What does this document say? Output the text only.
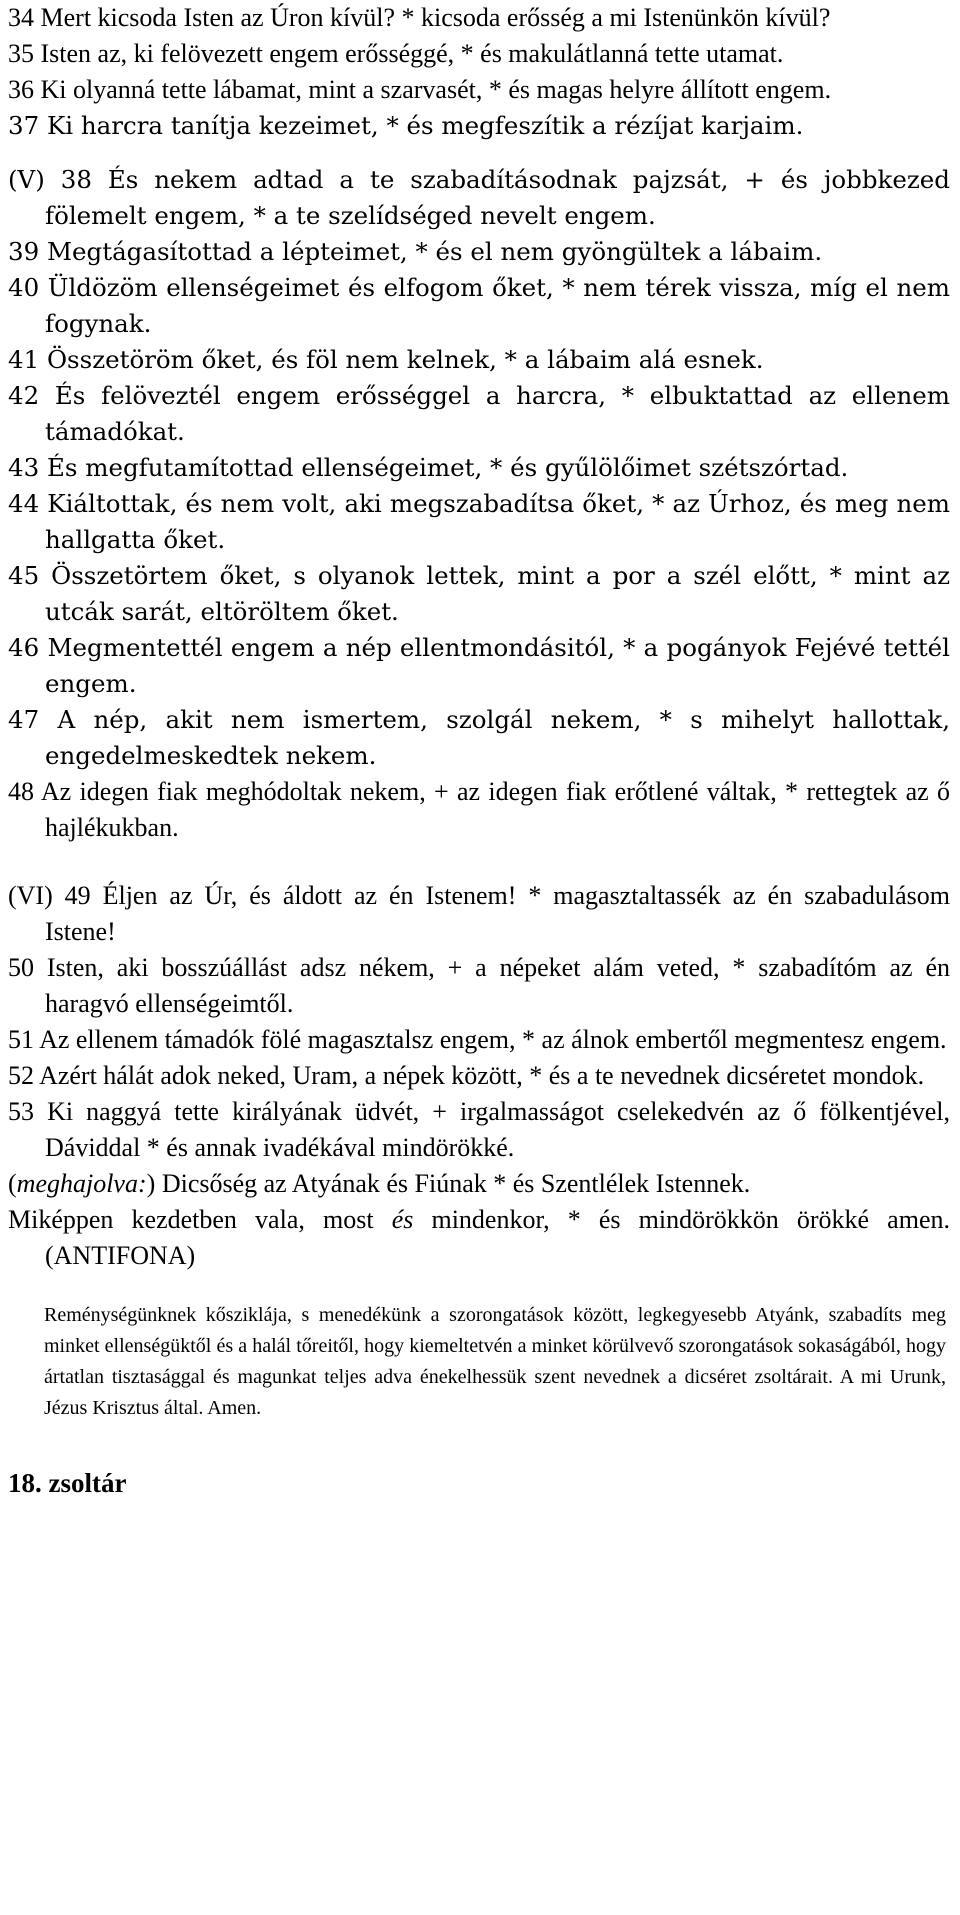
34 Mert kicsoda Isten az Úron kívül? * kicsoda erősség a mi Istenünkön kívül?

35 Isten az, ki felövezett engem erősséggé, * és makulátlanná tette utamat.

36 Ki olyanná tette lábamat, mint a szarvasét, * és magas helyre állított engem.

37 Ki harcra tanítja kezeimet, * és megfeszítik a rézíjat karjaim.

(V) 38 És nekem adtad a te szabadításodnak pajzsát, + és jobbkezed fölemelt engem, * a te szelídséged nevelt engem.

39 Megtágasítottad a lépteimet, * és el nem gyöngültek a lábaim.

40 Üldözöm ellenségeimet és elfogom őket, * nem térek vissza, míg el nem fogynak.

41 Összetöröm őket, és föl nem kelnek, * a lábaim alá esnek.

42 És felöveztél engem erősséggel a harcra, * elbuktattad az ellenem támadókat.

43 És megfutamítottad ellenségeimet, * és gyűlölőimet szétszórtad.

44 Kiáltottak, és nem volt, aki megszabadítsa őket, * az Úrhoz, és meg nem hallgatta őket.

45 Összetörtem őket, s olyanok lettek, mint a por a szél előtt, * mint az utcák sarát, eltöröltem őket.

46 Megmentettél engem a nép ellentmondásitól, * a pogányok Fejévé tettél engem.

47 A nép, akit nem ismertem, szolgál nekem, * s mihelyt hallottak, engedelmeskedtek nekem.

48 Az idegen fiak meghódoltak nekem, + az idegen fiak erőtlené váltak, * rettegtek az ő hajlékukban.

(VI) 49 Éljen az Úr, és áldott az én Istenem! * magasztaltassék az én szabadulásom Istene!

50 Isten, aki bosszúállást adsz nékem, + a népeket alám veted, * szabadítóm az én haragvó ellenségeimtől.

51 Az ellenem támadók fölé magasztalsz engem, * az álnok embertől megmentesz engem.

52 Azért hálát adok neked, Uram, a népek között, * és a te nevednek dicséretet mondok.

53 Ki naggyá tette királyának üdvét, + irgalmasságot cselekedvén az ő fölkentjével, Dáviddal * és annak ivadékával mindörökké.

(meghajolva:) Dicsőség az Atyának és Fiúnak * és Szentlélek Istennek.

Miképpen kezdetben vala, most és mindenkor, * és mindörökkön örökké amen. (ANTIFONA)

Reménységünknek kősziklája, s menedékünk a szorongatások között, legkegyesebb Atyánk, szabadíts meg minket ellenségüktől és a halál tőreitől, hogy kiemeltetvén a minket körülvevő szorongatások sokaságából, hogy ártatlan tisztasággal és magunkat teljes adva énekelhessük szent nevednek a dicséret zsoltárait. A mi Urunk, Jézus Krisztus által. Amen.

18. zsoltár
